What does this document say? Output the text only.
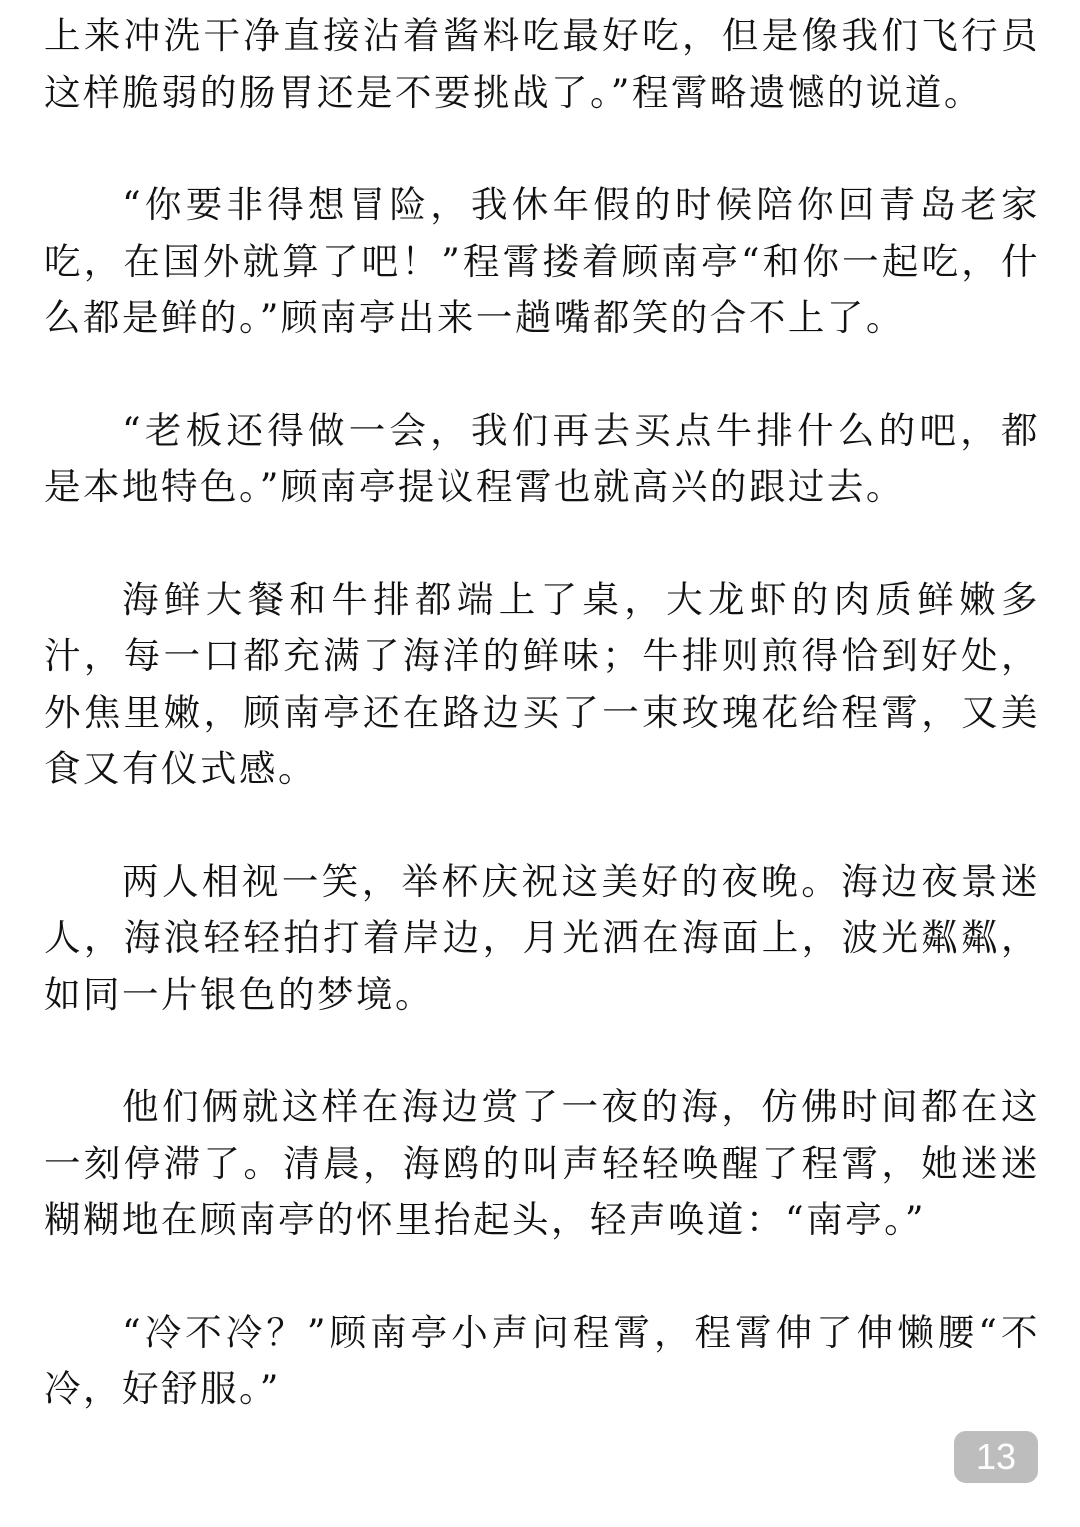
上来冲洗干净直接沾着酱料吃最好吃，但是像我们飞行员这样脆弱的肠胃还是不要挑战了。”程霄略遗憾的说道。

“你要非得想冒险，我休年假的时候陪你回青岛老家吃，在国外就算了吧！”程霄搂着顾南亭“和你一起吃，什么都是鲜的。”顾南亭出来一趟嘴都笑的合不上了。

“老板还得做一会，我们再去买点牛排什么的吧，都是本地特色。”顾南亭提议程霄也就高兴的跟过去。

海鲜大餐和牛排都端上了桌，大龙虾的肉质鲜嫩多汁，每一口都充满了海洋的鲜味；牛排则煎得恰到好处，外焦里嫩，顾南亭还在路边买了一束玫瑰花给程霄，又美食又有仪式感。

两人相视一笑，举杯庆祝这美好的夜晚。海边夜景迷人，海浪轻轻拍打着岸边，月光洒在海面上，波光粼粼，如同一片银色的梦境。

他们俩就这样在海边赏了一夜的海，仿佛时间都在这一刻停滞了。清晨，海鸥的叫声轻轻唤醒了程霄，她迷迷糊糊地在顾南亭的怀里抬起头，轻声唤道：“南亭。”

“冷不冷？”顾南亭小声问程霄，程霄伸了伸懒腰“不冷，好舒服。”

13
